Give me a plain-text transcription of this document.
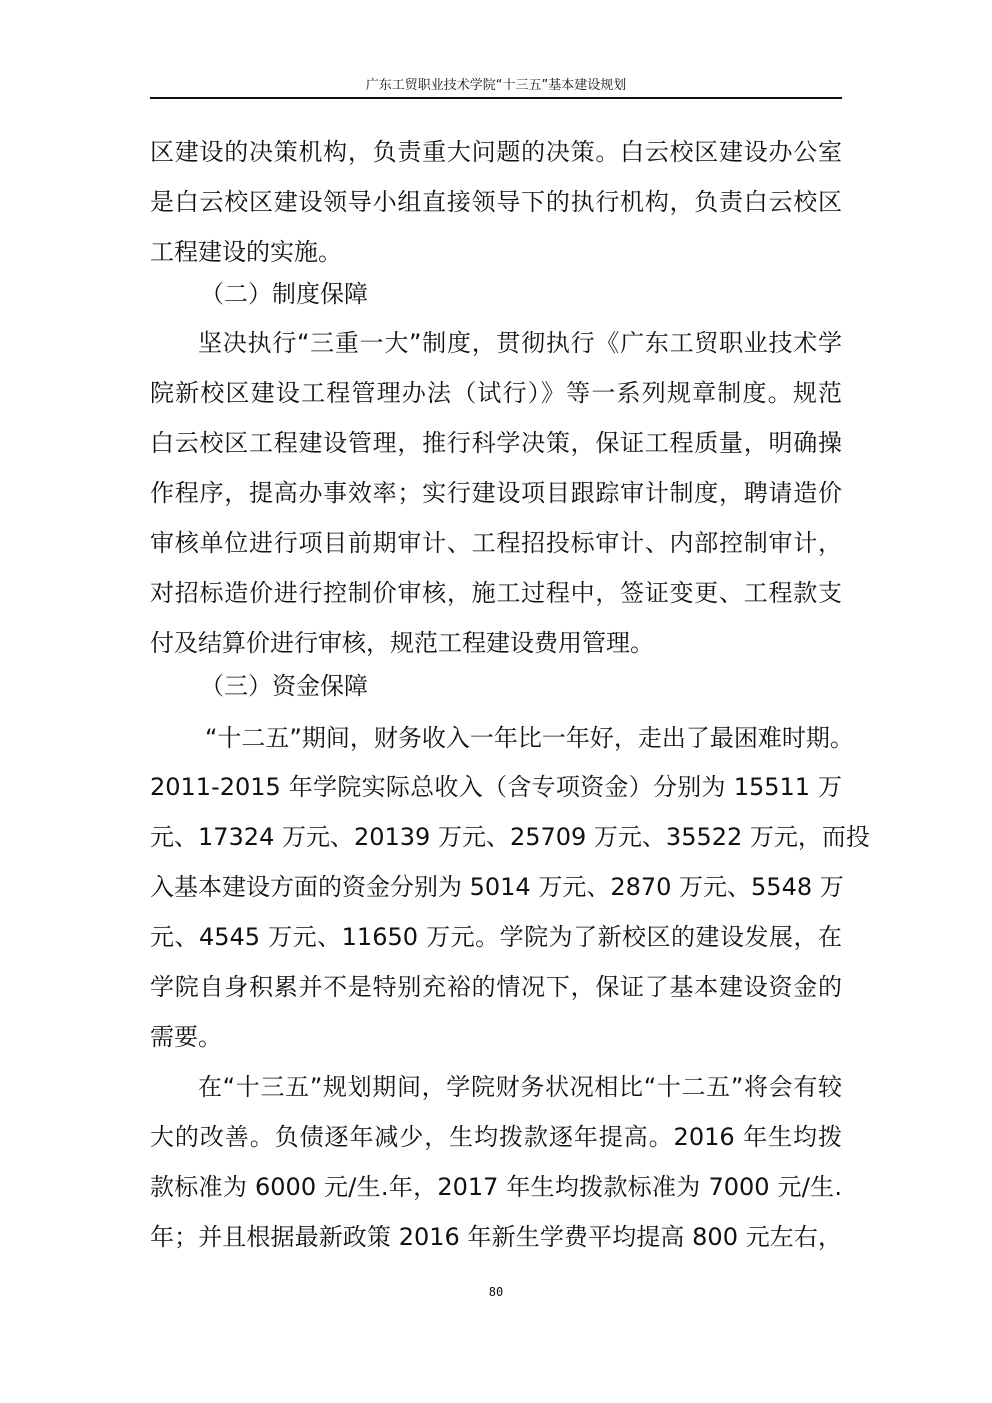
广东工贸职业技术学院“十三五”基本建设规划
区建设的决策机构，负责重大问题的决策。白云校区建设办公室
是白云校区建设领导小组直接领导下的执行机构，负责白云校区
工程建设的实施。
（二）制度保障
坚决执行“三重一大”制度，贯彻执行《广东工贸职业技术学
院新校区建设工程管理办法（试行）》等一系列规章制度。规范
白云校区工程建设管理，推行科学决策，保证工程质量，明确操
作程序，提高办事效率；实行建设项目跟踪审计制度，聘请造价
审核单位进行项目前期审计、工程招投标审计、内部控制审计，
对招标造价进行控制价审核，施工过程中，签证变更、工程款支
付及结算价进行审核，规范工程建设费用管理。
（三）资金保障
“十二五”期间，财务收入一年比一年好，走出了最困难时期。
2011-2015 年学院实际总收入（含专项资金）分别为 15511 万
元、17324 万元、20139 万元、25709 万元、35522 万元，而投
入基本建设方面的资金分别为 5014 万元、2870 万元、5548 万
元、4545 万元、11650 万元。学院为了新校区的建设发展，在
学院自身积累并不是特别充裕的情况下，保证了基本建设资金的
需要。
在“十三五”规划期间，学院财务状况相比“十二五”将会有较
大的改善。负债逐年减少，生均拨款逐年提高。2016 年生均拨
款标准为 6000 元/生.年，2017 年生均拨款标准为 7000 元/生.
年；并且根据最新政策 2016 年新生学费平均提高 800 元左右，
80
